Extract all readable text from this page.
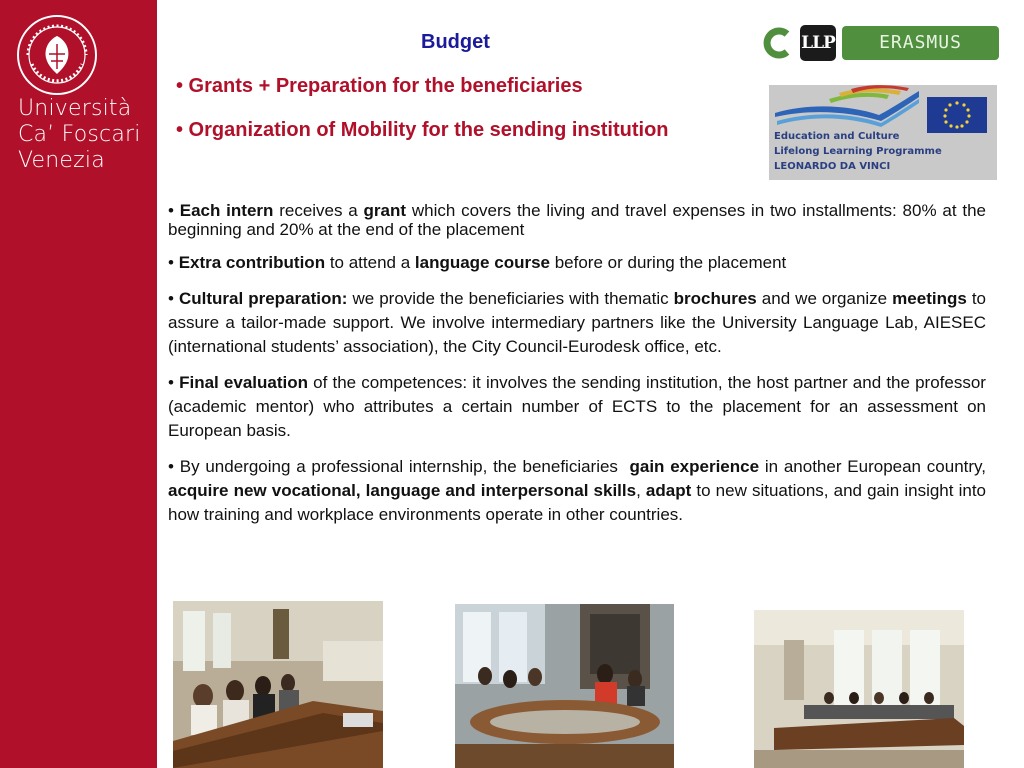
Università
Ca’ Foscari
Venezia
Budget
• Grants + Preparation for the beneficiaries
• Organization of Mobility for the sending institution
LLP	ERASMUS
Education and Culture
Lifelong Learning Programme
LEONARDO DA VINCI

• Each intern receives a grant which covers the living and travel expenses in two installments: 80% at the beginning and 20% at the end of the placement

• Extra contribution to attend a language course before or during the placement

• Cultural preparation: we provide the beneficiaries with thematic brochures and we organize meetings to assure a tailor-made support. We involve intermediary partners like the University Language Lab, AIESEC (international students’ association), the City Council-Eurodesk office, etc.

• Final evaluation of the competences: it involves the sending institution, the host partner and the professor (academic mentor) who attributes a certain number of ECTS to the placement for an assessment on European basis.

• By undergoing a professional internship, the beneficiaries  gain experience in another European country, acquire new vocational, language and interpersonal skills, adapt to new situations, and gain insight into how training and workplace environments operate in other countries.
